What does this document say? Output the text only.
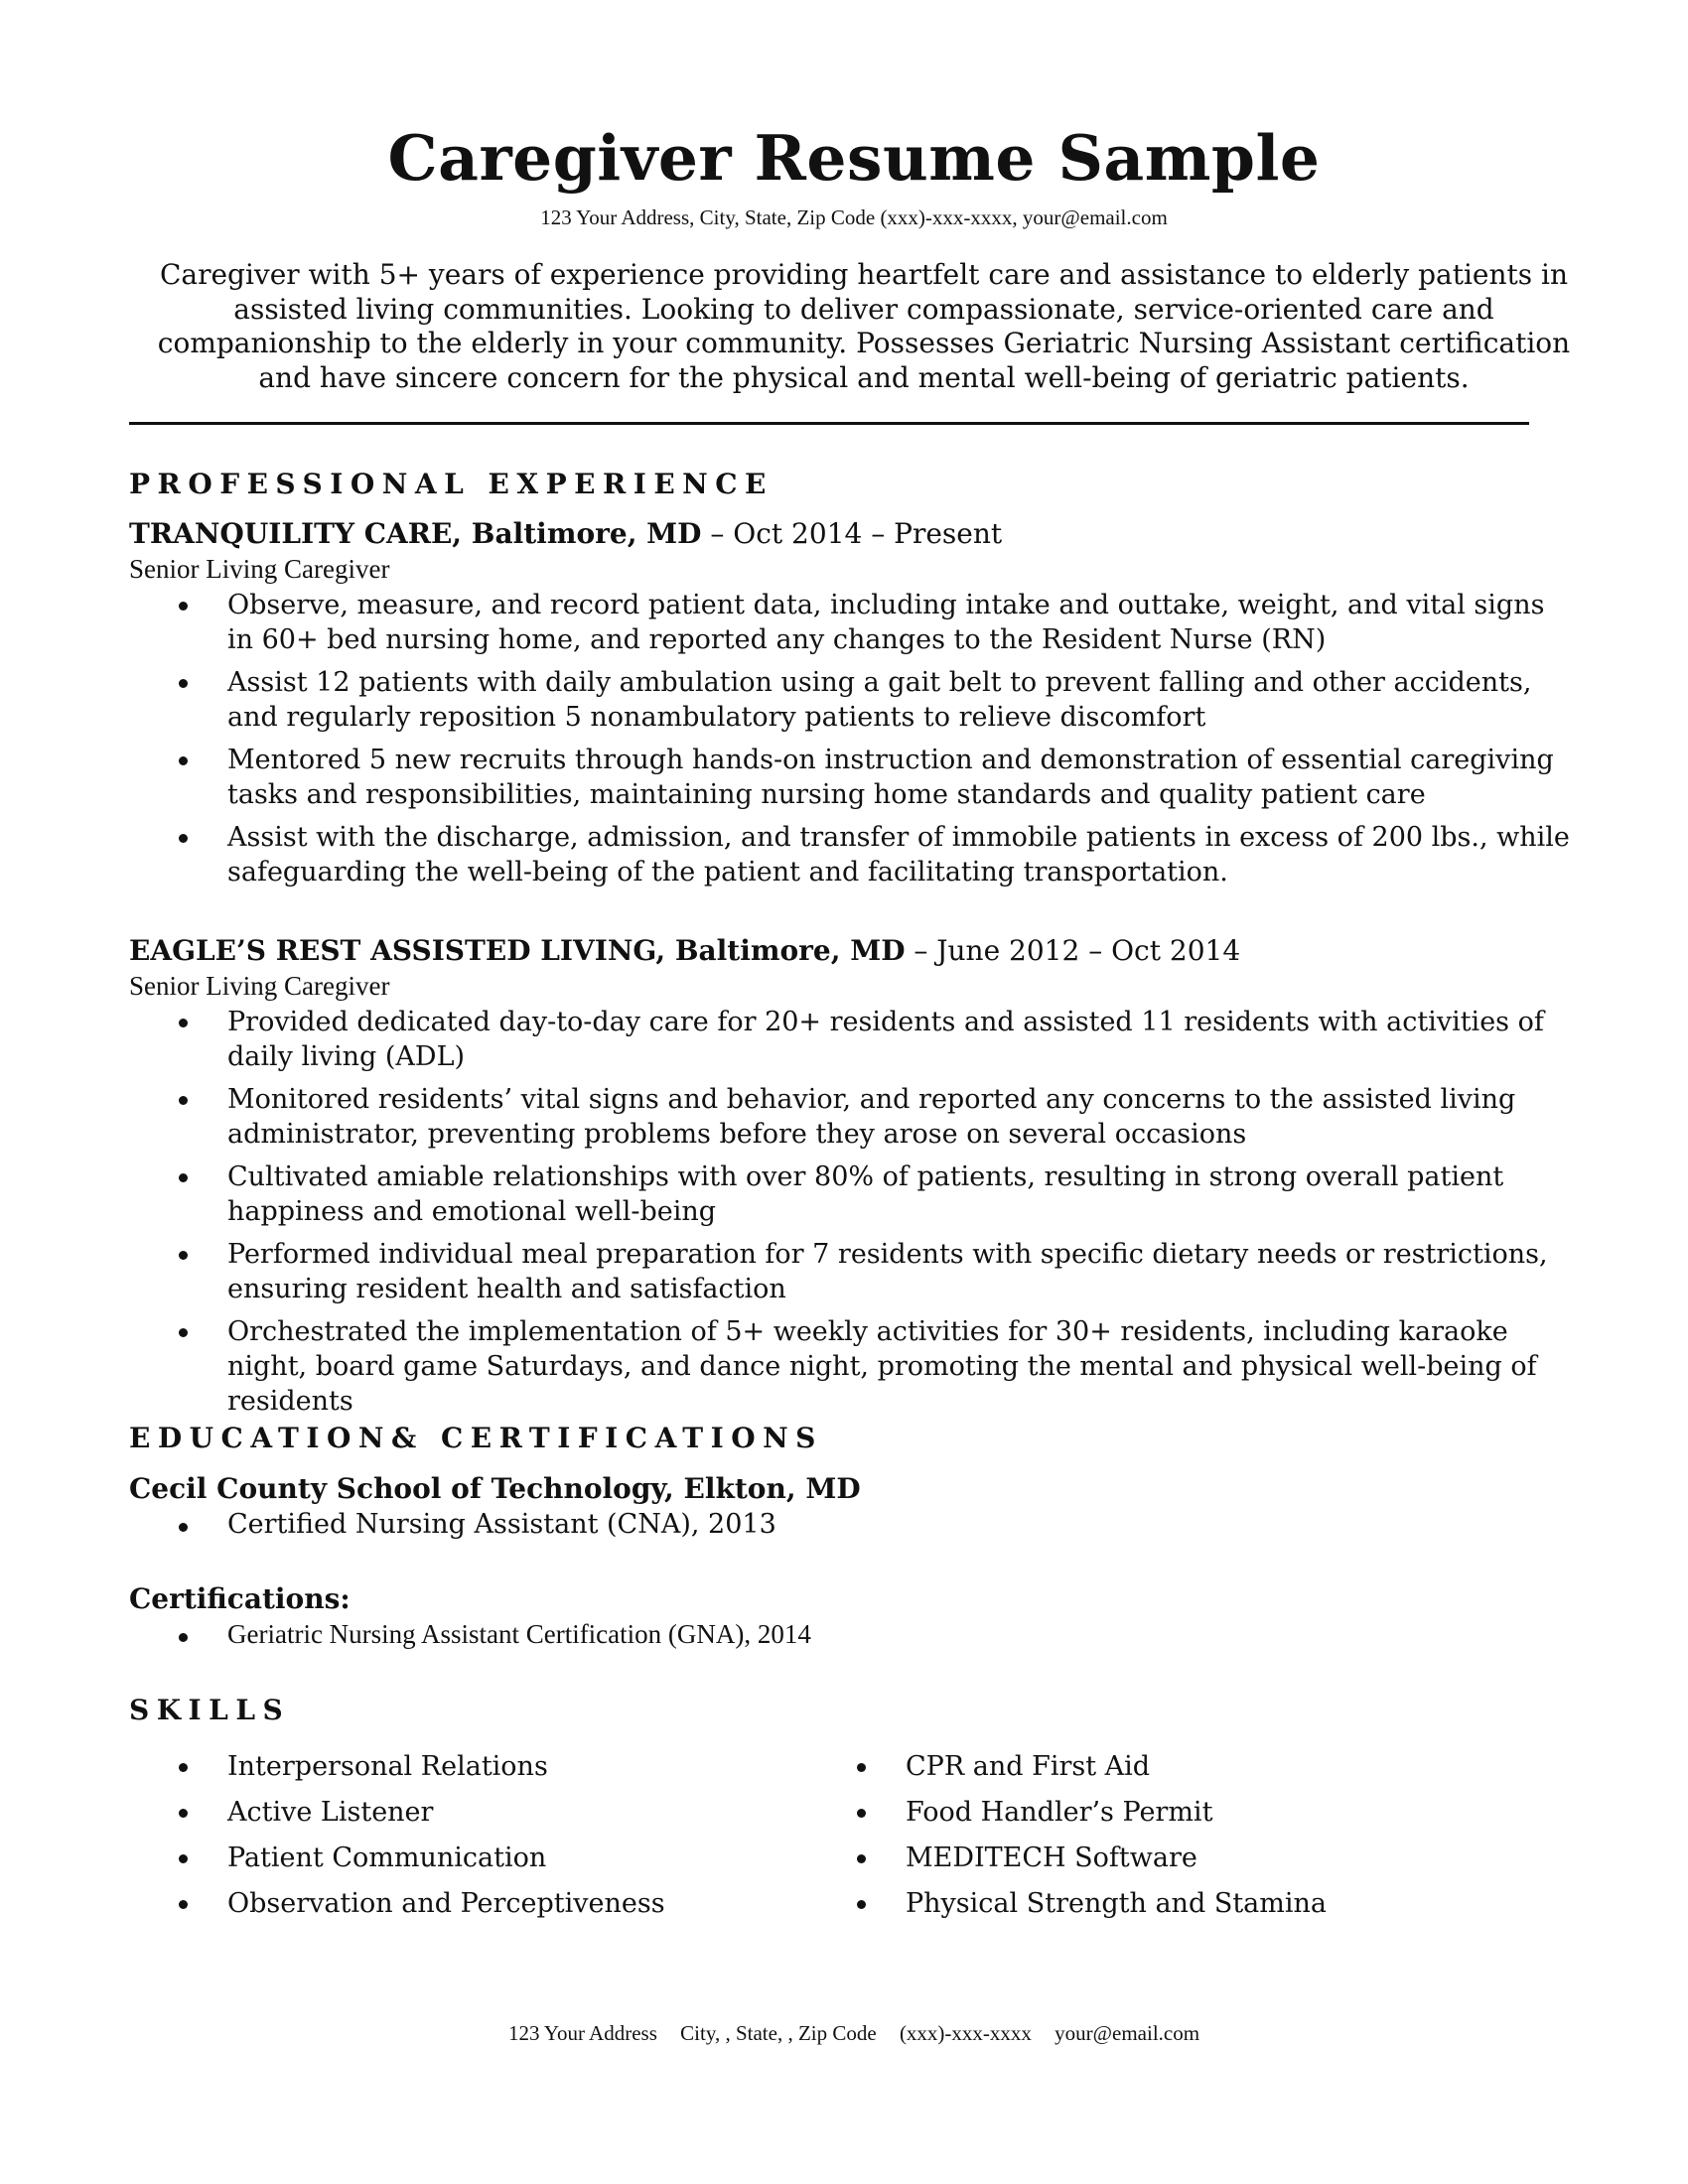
Caregiver Resume Sample
123 Your Address, City, State, Zip Code (xxx)-xxx-xxxx, your@email.com

Caregiver with 5+ years of experience providing heartfelt care and assistance to elderly patients in assisted living communities. Looking to deliver compassionate, service-oriented care and companionship to the elderly in your community. Possesses Geriatric Nursing Assistant certification and have sincere concern for the physical and mental well-being of geriatric patients.

PROFESSIONAL EXPERIENCE
TRANQUILITY CARE, Baltimore, MD – Oct 2014 – Present
Senior Living Caregiver
Observe, measure, and record patient data, including intake and outtake, weight, and vital signs in 60+ bed nursing home, and reported any changes to the Resident Nurse (RN)
Assist 12 patients with daily ambulation using a gait belt to prevent falling and other accidents, and regularly reposition 5 nonambulatory patients to relieve discomfort
Mentored 5 new recruits through hands-on instruction and demonstration of essential caregiving tasks and responsibilities, maintaining nursing home standards and quality patient care
Assist with the discharge, admission, and transfer of immobile patients in excess of 200 lbs., while safeguarding the well-being of the patient and facilitating transportation.
EAGLE’S REST ASSISTED LIVING, Baltimore, MD – June 2012 – Oct 2014
Senior Living Caregiver
Provided dedicated day-to-day care for 20+ residents and assisted 11 residents with activities of daily living (ADL)
Monitored residents’ vital signs and behavior, and reported any concerns to the assisted living administrator, preventing problems before they arose on several occasions
Cultivated amiable relationships with over 80% of patients, resulting in strong overall patient happiness and emotional well-being
Performed individual meal preparation for 7 residents with specific dietary needs or restrictions, ensuring resident health and satisfaction
Orchestrated the implementation of 5+ weekly activities for 30+ residents, including karaoke night, board game Saturdays, and dance night, promoting the mental and physical well-being of residents
EDUCATION& CERTIFICATIONS
Cecil County School of Technology, Elkton, MD
Certified Nursing Assistant (CNA), 2013
Certifications:
Geriatric Nursing Assistant Certification (GNA), 2014
SKILLS
Interpersonal Relations
Active Listener
Patient Communication
Observation and Perceptiveness
CPR and First Aid
Food Handler’s Permit
MEDITECH Software
Physical Strength and Stamina
123 Your Address City, , State, , Zip Code (xxx)-xxx-xxxx your@email.com
